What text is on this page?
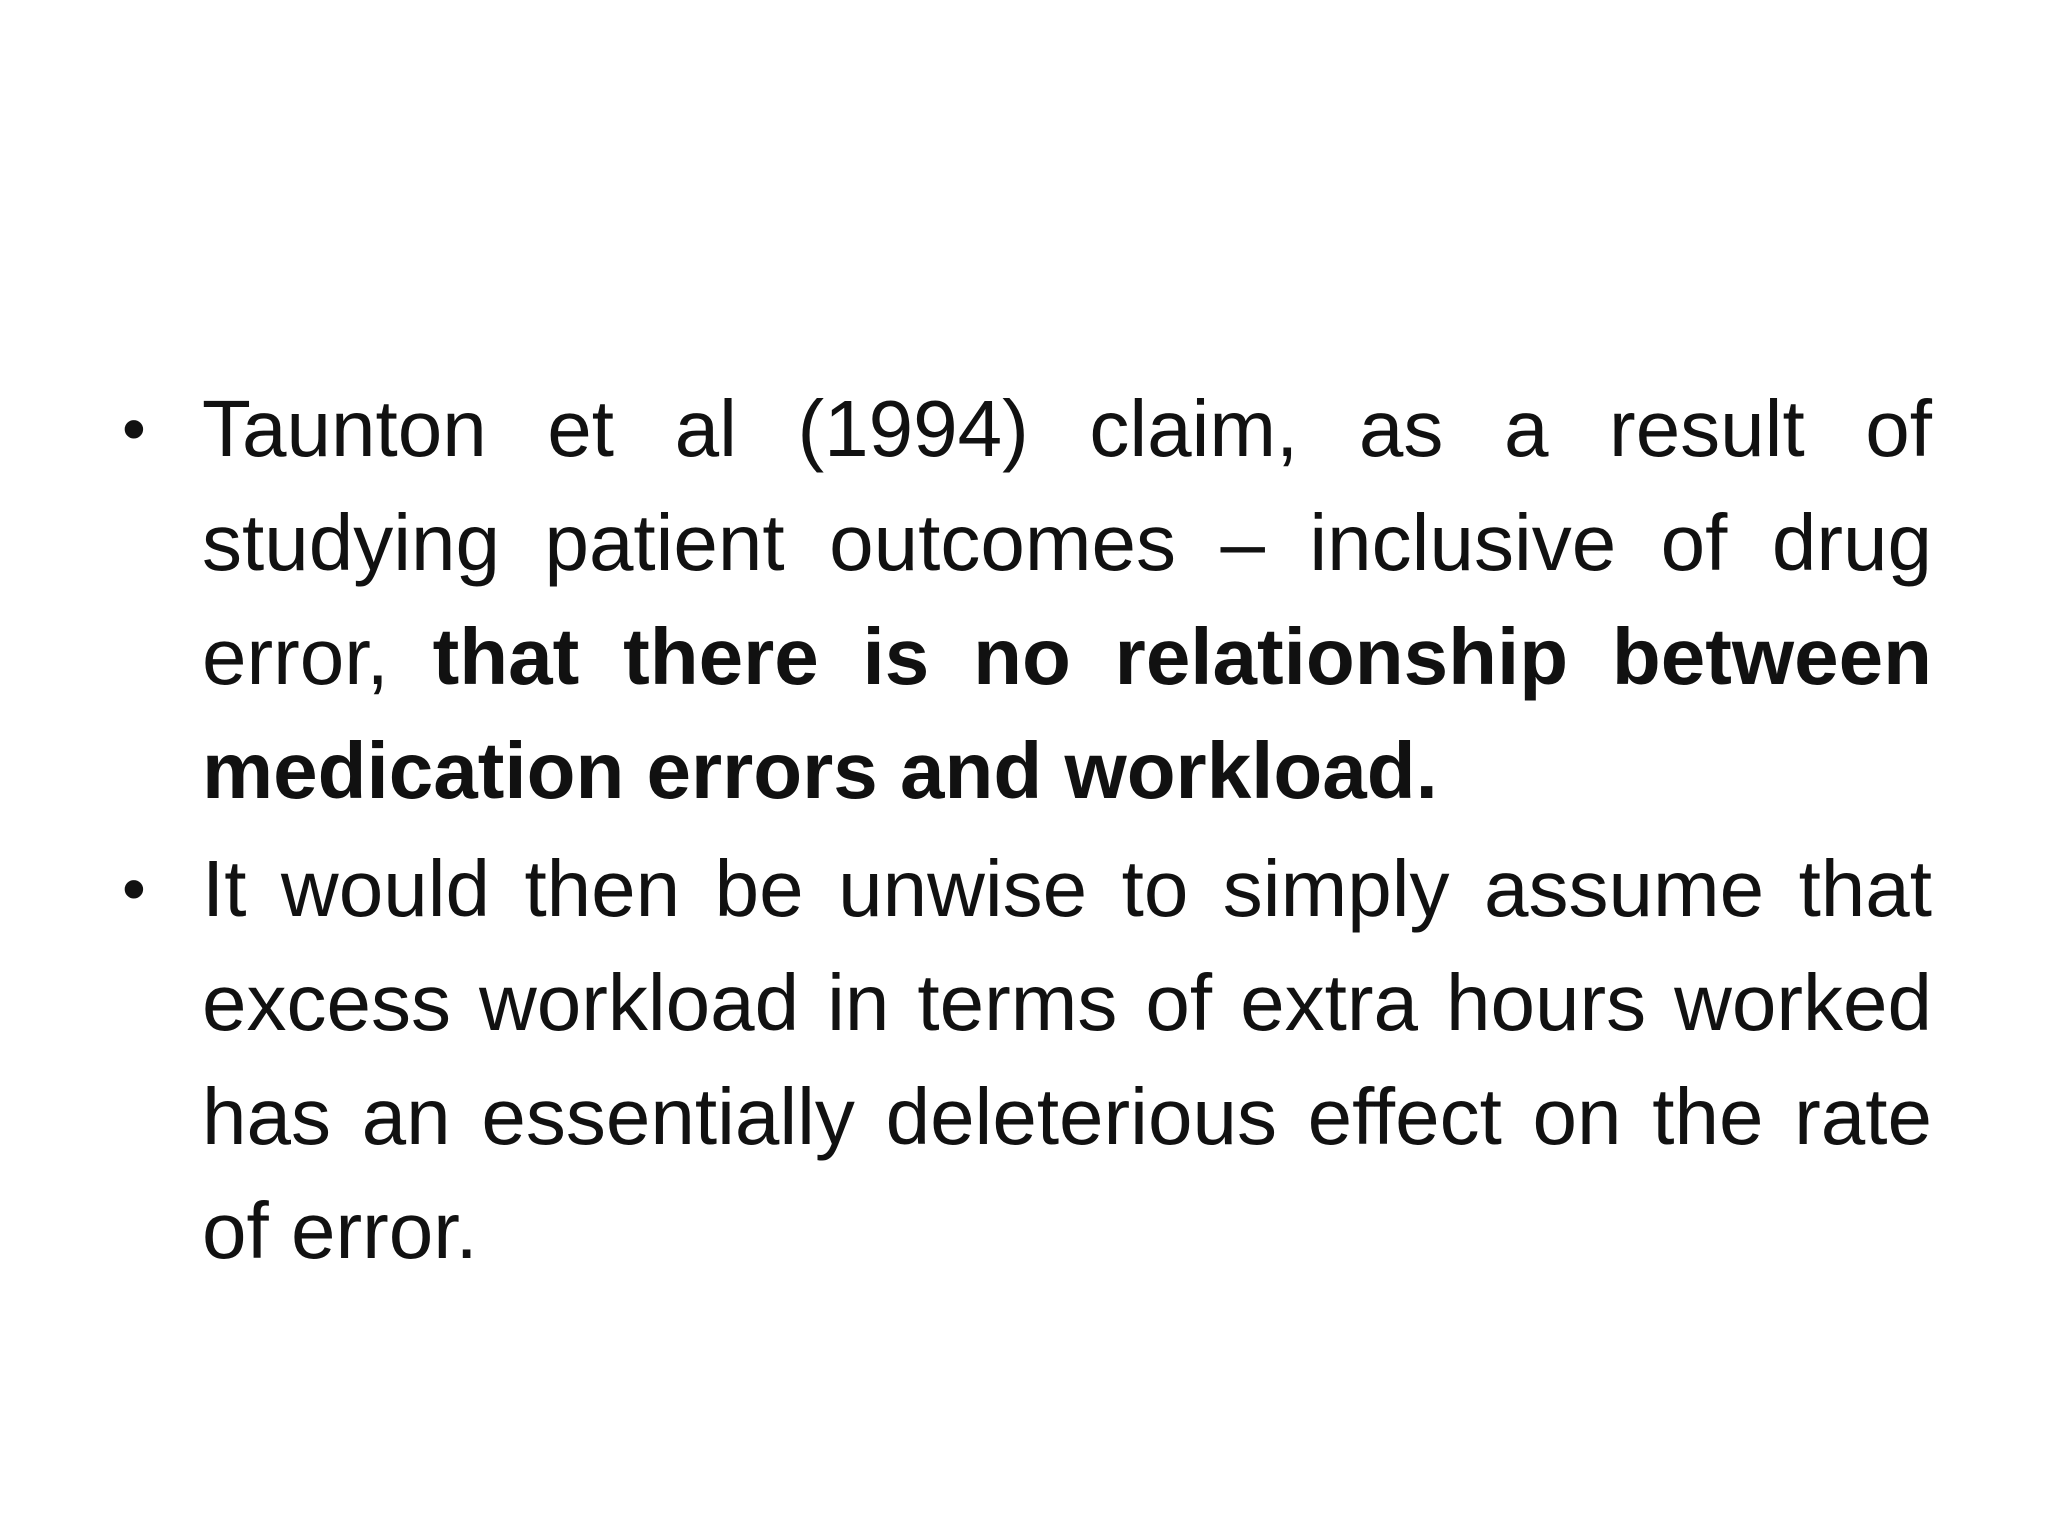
• Taunton et al (1994) claim, as a result of studying patient outcomes – inclusive of drug error, that there is no relationship between medication errors and workload.
• It would then be unwise to simply assume that excess workload in terms of extra hours worked has an essentially deleterious effect on the rate of error.
